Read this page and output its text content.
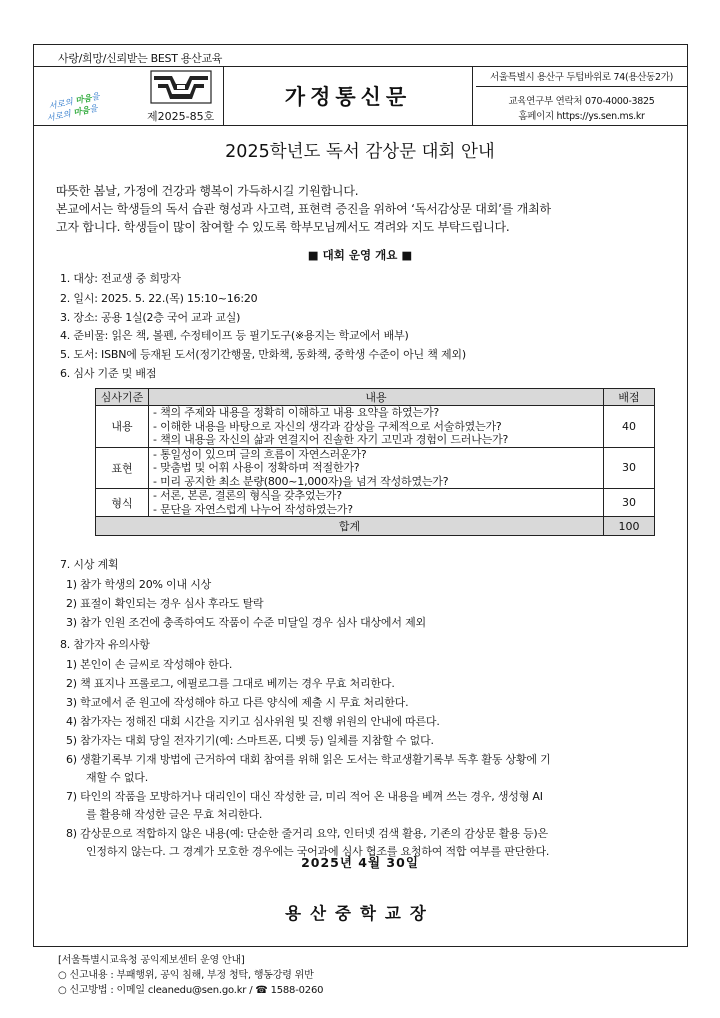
사랑/희망/신뢰받는 BEST 용산교육
서로의 마음을
서로의 마음을
제2025-85호
가정통신문
서울특별시 용산구 두텁바위로 74(용산동2가)
교육연구부 연락처 070-4000-3825
홈페이지 https://ys.sen.ms.kr
2025학년도 독서 감상문 대회 안내

따뜻한 봄날, 가정에 건강과 행복이 가득하시길 기원합니다.

본교에서는 학생들의 독서 습관 형성과 사고력, 표현력 증진을 위하여 ‘독서감상문 대회’를 개최하

고자 합니다. 학생들이 많이 참여할 수 있도록 학부모님께서도 격려와 지도 부탁드립니다.

■ 대회 운영 개요 ■
1. 대상: 전교생 중 희망자
2. 일시: 2025. 5. 22.(목) 15:10~16:20
3. 장소: 공용 1실(2층 국어 교과 교실)
4. 준비물: 읽은 책, 볼펜, 수정테이프 등 필기도구(※용지는 학교에서 배부)
5. 도서: ISBN에 등재된 도서(정기간행물, 만화책, 동화책, 중학생 수준이 아닌 책 제외)
6. 심사 기준 및 배점
심사기준	내용	배점
내용	- 책의 주제와 내용을 정확히 이해하고 내용 요약을 하였는가?
- 이해한 내용을 바탕으로 자신의 생각과 감상을 구체적으로 서술하였는가?
- 책의 내용을 자신의 삶과 연결지어 진솔한 자기 고민과 경험이 드러나는가?	40
표현	- 통일성이 있으며 글의 흐름이 자연스러운가?
- 맞춤법 및 어휘 사용이 정확하며 적절한가?
- 미리 공지한 최소 분량(800~1,000자)을 넘겨 작성하였는가?	30
형식	- 서론, 본론, 결론의 형식을 갖추었는가?
- 문단을 자연스럽게 나누어 작성하였는가?	30
합계		100
7. 시상 계획
1) 참가 학생의 20% 이내 시상
2) 표절이 확인되는 경우 심사 후라도 탈락
3) 참가 인원 조건에 충족하여도 작품이 수준 미달일 경우 심사 대상에서 제외
8. 참가자 유의사항
1) 본인이 손 글씨로 작성해야 한다.
2) 책 표지나 프롤로그, 에필로그를 그대로 베끼는 경우 무효 처리한다.
3) 학교에서 준 원고에 작성해야 하고 다른 양식에 제출 시 무효 처리한다.
4) 참가자는 정해진 대회 시간을 지키고 심사위원 및 진행 위원의 안내에 따른다.
5) 참가자는 대회 당일 전자기기(예: 스마트폰, 디벳 등) 일체를 지참할 수 없다.
6) 생활기록부 기재 방법에 근거하여 대회 참여를 위해 읽은 도서는 학교생활기록부 독후 활동 상황에 기
재할 수 없다.
7) 타인의 작품을 모방하거나 대리인이 대신 작성한 글, 미리 적어 온 내용을 베껴 쓰는 경우, 생성형 AI
를 활용해 작성한 글은 무효 처리한다.
8) 감상문으로 적합하지 않은 내용(예: 단순한 줄거리 요약, 인터넷 검색 활용, 기존의 감상문 활용 등)은
인정하지 않는다. 그 경계가 모호한 경우에는 국어과에 심사 협조를 요청하여 적합 여부를 판단한다.
2025년 4월 30일
용산중학교장
[서울특별시교육청 공익제보센터 운영 안내]
○ 신고내용 : 부패행위, 공익 침해, 부정 청탁, 행동강령 위반
○ 신고방법 : 이메일 cleanedu@sen.go.kr / ☎ 1588-0260
